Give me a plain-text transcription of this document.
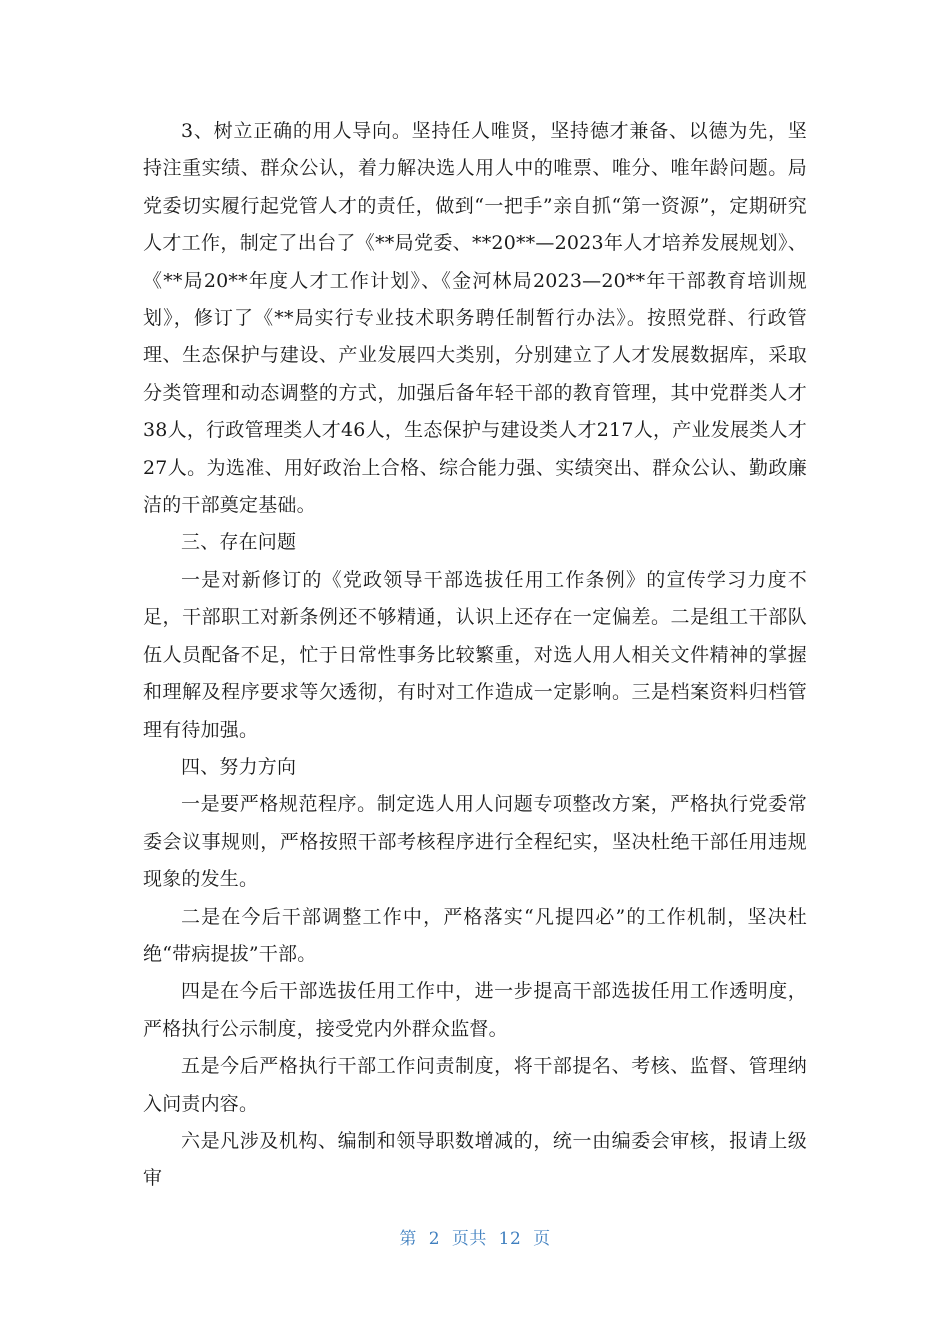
3、树立正确的用人导向。坚持任人唯贤，坚持德才兼备、以德为先，坚持注重实绩、群众公认，着力解决选人用人中的唯票、唯分、唯年龄问题。局党委切实履行起党管人才的责任，做到“一把手”亲自抓“第一资源”，定期研究人才工作，制定了出台了《**局党委、**20**—2023年人才培养发展规划》、《**局20**年度人才工作计划》、《金河林局2023—20**年干部教育培训规划》，修订了《**局实行专业技术职务聘任制暂行办法》。按照党群、行政管理、生态保护与建设、产业发展四大类别，分别建立了人才发展数据库，采取分类管理和动态调整的方式，加强后备年轻干部的教育管理，其中党群类人才38人，行政管理类人才46人，生态保护与建设类人才217人，产业发展类人才27人。为选准、用好政治上合格、综合能力强、实绩突出、群众公认、勤政廉洁的干部奠定基础。

三、存在问题

一是对新修订的《党政领导干部选拔任用工作条例》的宣传学习力度不足，干部职工对新条例还不够精通，认识上还存在一定偏差。二是组工干部队伍人员配备不足，忙于日常性事务比较繁重，对选人用人相关文件精神的掌握和理解及程序要求等欠透彻，有时对工作造成一定影响。三是档案资料归档管理有待加强。

四、努力方向

一是要严格规范程序。制定选人用人问题专项整改方案，严格执行党委常委会议事规则，严格按照干部考核程序进行全程纪实，坚决杜绝干部任用违规现象的发生。

二是在今后干部调整工作中，严格落实“凡提四必”的工作机制，坚决杜绝“带病提拔”干部。

四是在今后干部选拔任用工作中，进一步提高干部选拔任用工作透明度，严格执行公示制度，接受党内外群众监督。

五是今后严格执行干部工作问责制度，将干部提名、考核、监督、管理纳入问责内容。

六是凡涉及机构、编制和领导职数增减的，统一由编委会审核，报请上级审

第 2 页共 12 页
